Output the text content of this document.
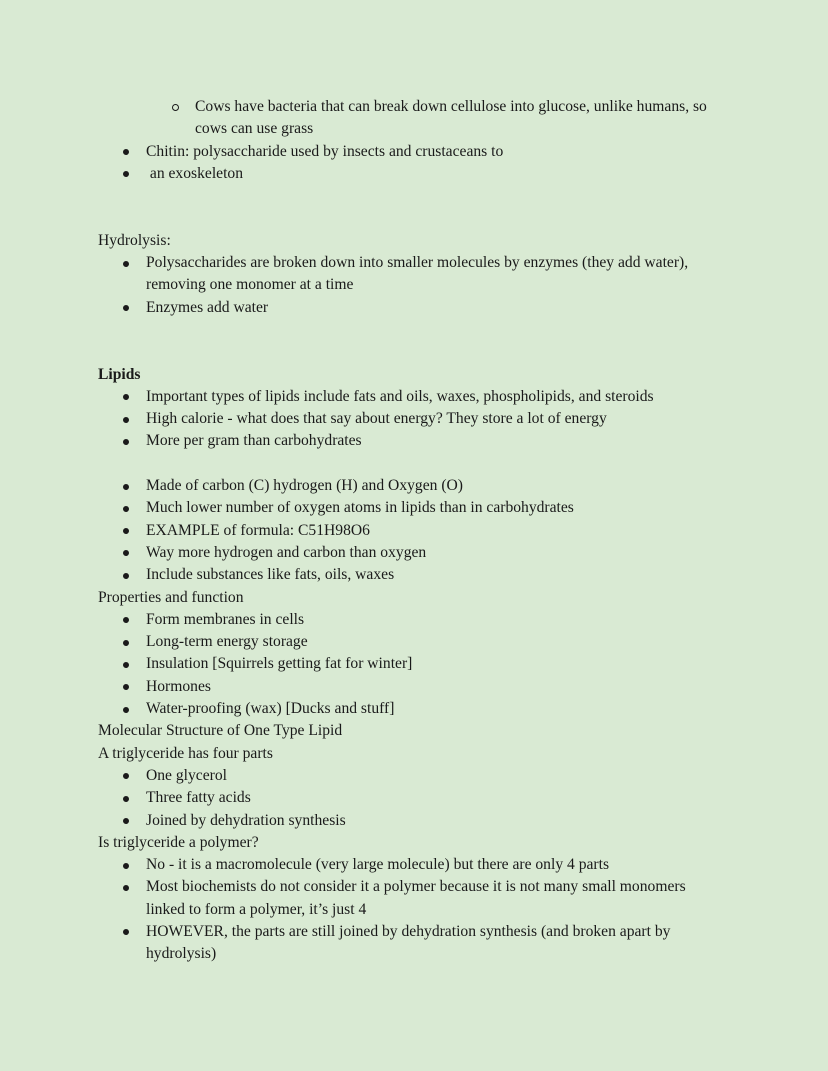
Cows have bacteria that can break down cellulose into glucose, unlike humans, so cows can use grass
Chitin: polysaccharide used by insects and crustaceans to
an exoskeleton
Hydrolysis:
Polysaccharides are broken down into smaller molecules by enzymes (they add water), removing one monomer at a time
Enzymes add water
Lipids
Important types of lipids include fats and oils, waxes, phospholipids, and steroids
High calorie - what does that say about energy? They store a lot of energy
More per gram than carbohydrates
Made of carbon (C) hydrogen (H) and Oxygen (O)
Much lower number of oxygen atoms in lipids than in carbohydrates
EXAMPLE of formula: C51H98O6
Way more hydrogen and carbon than oxygen
Include substances like fats, oils, waxes
Properties and function
Form membranes in cells
Long-term energy storage
Insulation [Squirrels getting fat for winter]
Hormones
Water-proofing (wax) [Ducks and stuff]
Molecular Structure of One Type Lipid
A triglyceride has four parts
One glycerol
Three fatty acids
Joined by dehydration synthesis
Is triglyceride a polymer?
No - it is a macromolecule (very large molecule) but there are only 4 parts
Most biochemists do not consider it a polymer because it is not many small monomers linked to form a polymer, it’s just 4
HOWEVER, the parts are still joined by dehydration synthesis (and broken apart by hydrolysis)
